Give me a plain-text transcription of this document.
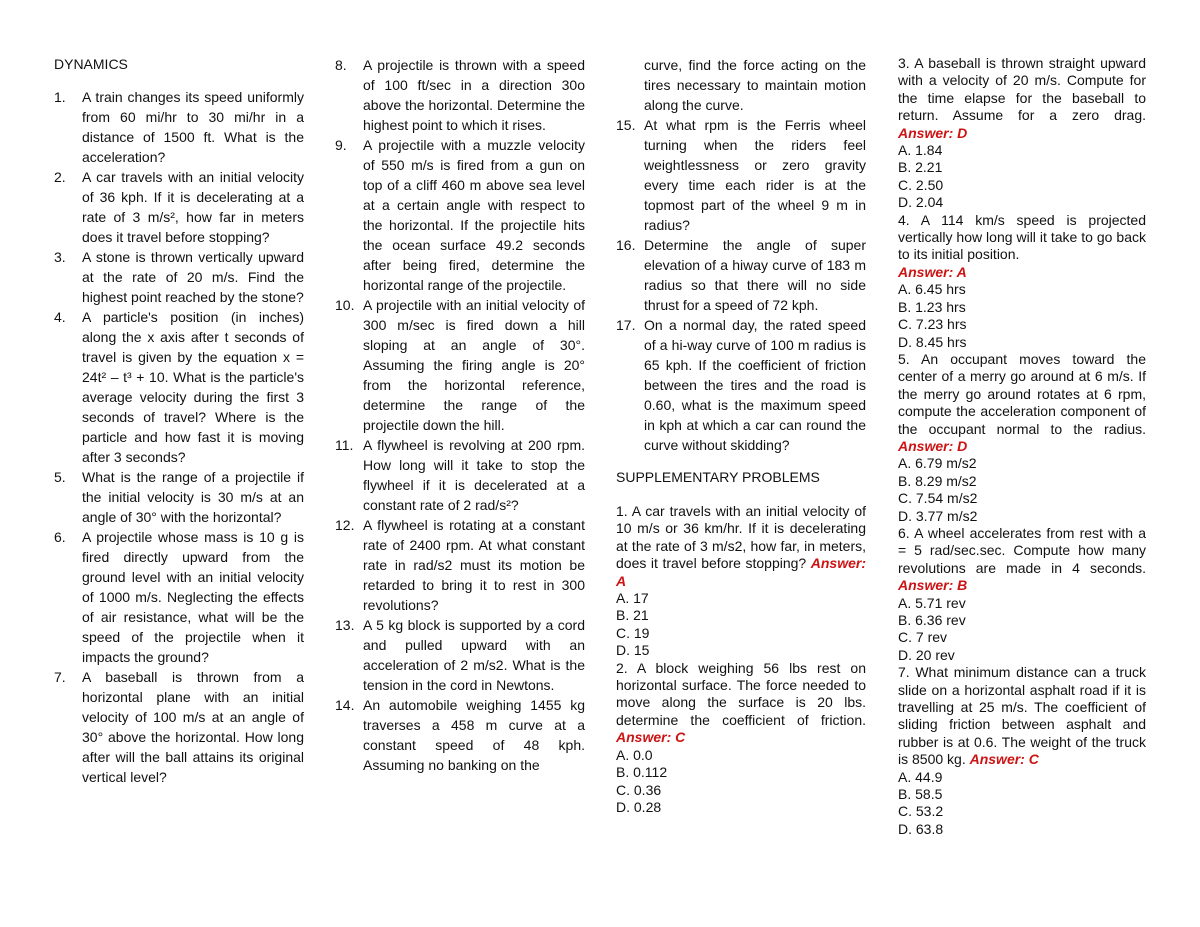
DYNAMICS
1.	A train changes its speed uniformly from 60 mi/hr to 30 mi/hr in a distance of 1500 ft. What is the acceleration?
2.	A car travels with an initial velocity of 36 kph. If it is decelerating at a rate of 3 m/s², how far in meters does it travel before stopping?
3.	A stone is thrown vertically upward at the rate of 20 m/s. Find the highest point reached by the stone?
4.	A particle's position (in inches) along the x axis after t seconds of travel is given by the equation x = 24t² – t³ + 10. What is the particle's average velocity during the first 3 seconds of travel? Where is the particle and how fast it is moving after 3 seconds?
5.	What is the range of a projectile if the initial velocity is 30 m/s at an angle of 30° with the horizontal?
6.	A projectile whose mass is 10 g is fired directly upward from the ground level with an initial velocity of 1000 m/s. Neglecting the effects of air resistance, what will be the speed of the projectile when it impacts the ground?
7.	A baseball is thrown from a horizontal plane with an initial velocity of 100 m/s at an angle of 30° above the horizontal. How long after will the ball attains its original vertical level?
8.	A projectile is thrown with a speed of 100 ft/sec in a direction 30o above the horizontal. Determine the highest point to which it rises.
9.	A projectile with a muzzle velocity of 550 m/s is fired from a gun on top of a cliff 460 m above sea level at a certain angle with respect to the horizontal. If the projectile hits the ocean surface 49.2 seconds after being fired, determine the horizontal range of the projectile.
10. A projectile with an initial velocity of 300 m/sec is fired down a hill sloping at an angle of 30°. Assuming the firing angle is 20° from the horizontal reference, determine the range of the projectile down the hill.
11. A flywheel is revolving at 200 rpm. How long will it take to stop the flywheel if it is decelerated at a constant rate of 2 rad/s²?
12. A flywheel is rotating at a constant rate of 2400 rpm. At what constant rate in rad/s2 must its motion be retarded to bring it to rest in 300 revolutions?
13. A 5 kg block is supported by a cord and pulled upward with an acceleration of 2 m/s2. What is the tension in the cord in Newtons.
14. An automobile weighing 1455 kg traverses a 458 m curve at a constant speed of 48 kph. Assuming no banking on the
curve, find the force acting on the tires necessary to maintain motion along the curve.
15. At what rpm is the Ferris wheel turning when the riders feel weightlessness or zero gravity every time each rider is at the topmost part of the wheel 9 m in radius?
16. Determine the angle of super elevation of a hiway curve of 183 m radius so that there will no side thrust for a speed of 72 kph.
17. On a normal day, the rated speed of a hi-way curve of 100 m radius is 65 kph. If the coefficient of friction between the tires and the road is 0.60, what is the maximum speed in kph at which a car can round the curve without skidding?
SUPPLEMENTARY PROBLEMS
1. A car travels with an initial velocity of 10 m/s or 36 km/hr. If it is decelerating at the rate of 3 m/s2, how far, in meters, does it travel before stopping? Answer: A
A. 17
B. 21
C. 19
D. 15
2. A block weighing 56 lbs rest on horizontal surface. The force needed to move along the surface is 20 lbs. determine the coefficient of friction. Answer: C
A. 0.0
B. 0.112
C. 0.36
D. 0.28
3. A baseball is thrown straight upward with a velocity of 20 m/s. Compute for the time elapse for the baseball to return. Assume for a zero drag. Answer: D
A. 1.84
B. 2.21
C. 2.50
D. 2.04
4. A 114 km/s speed is projected vertically how long will it take to go back to its initial position.
Answer: A
A. 6.45 hrs
B. 1.23 hrs
C. 7.23 hrs
D. 8.45 hrs
5. An occupant moves toward the center of a merry go around at 6 m/s. If the merry go around rotates at 6 rpm, compute the acceleration component of the occupant normal to the radius. Answer: D
A. 6.79 m/s2
B. 8.29 m/s2
C. 7.54 m/s2
D. 3.77 m/s2
6. A wheel accelerates from rest with a = 5 rad/sec.sec. Compute how many revolutions are made in 4 seconds. Answer: B
A. 5.71 rev
B. 6.36 rev
C. 7 rev
D. 20 rev
7. What minimum distance can a truck slide on a horizontal asphalt road if it is travelling at 25 m/s. The coefficient of sliding friction between asphalt and rubber is at 0.6. The weight of the truck is 8500 kg. Answer: C
A. 44.9
B. 58.5
C. 53.2
D. 63.8
